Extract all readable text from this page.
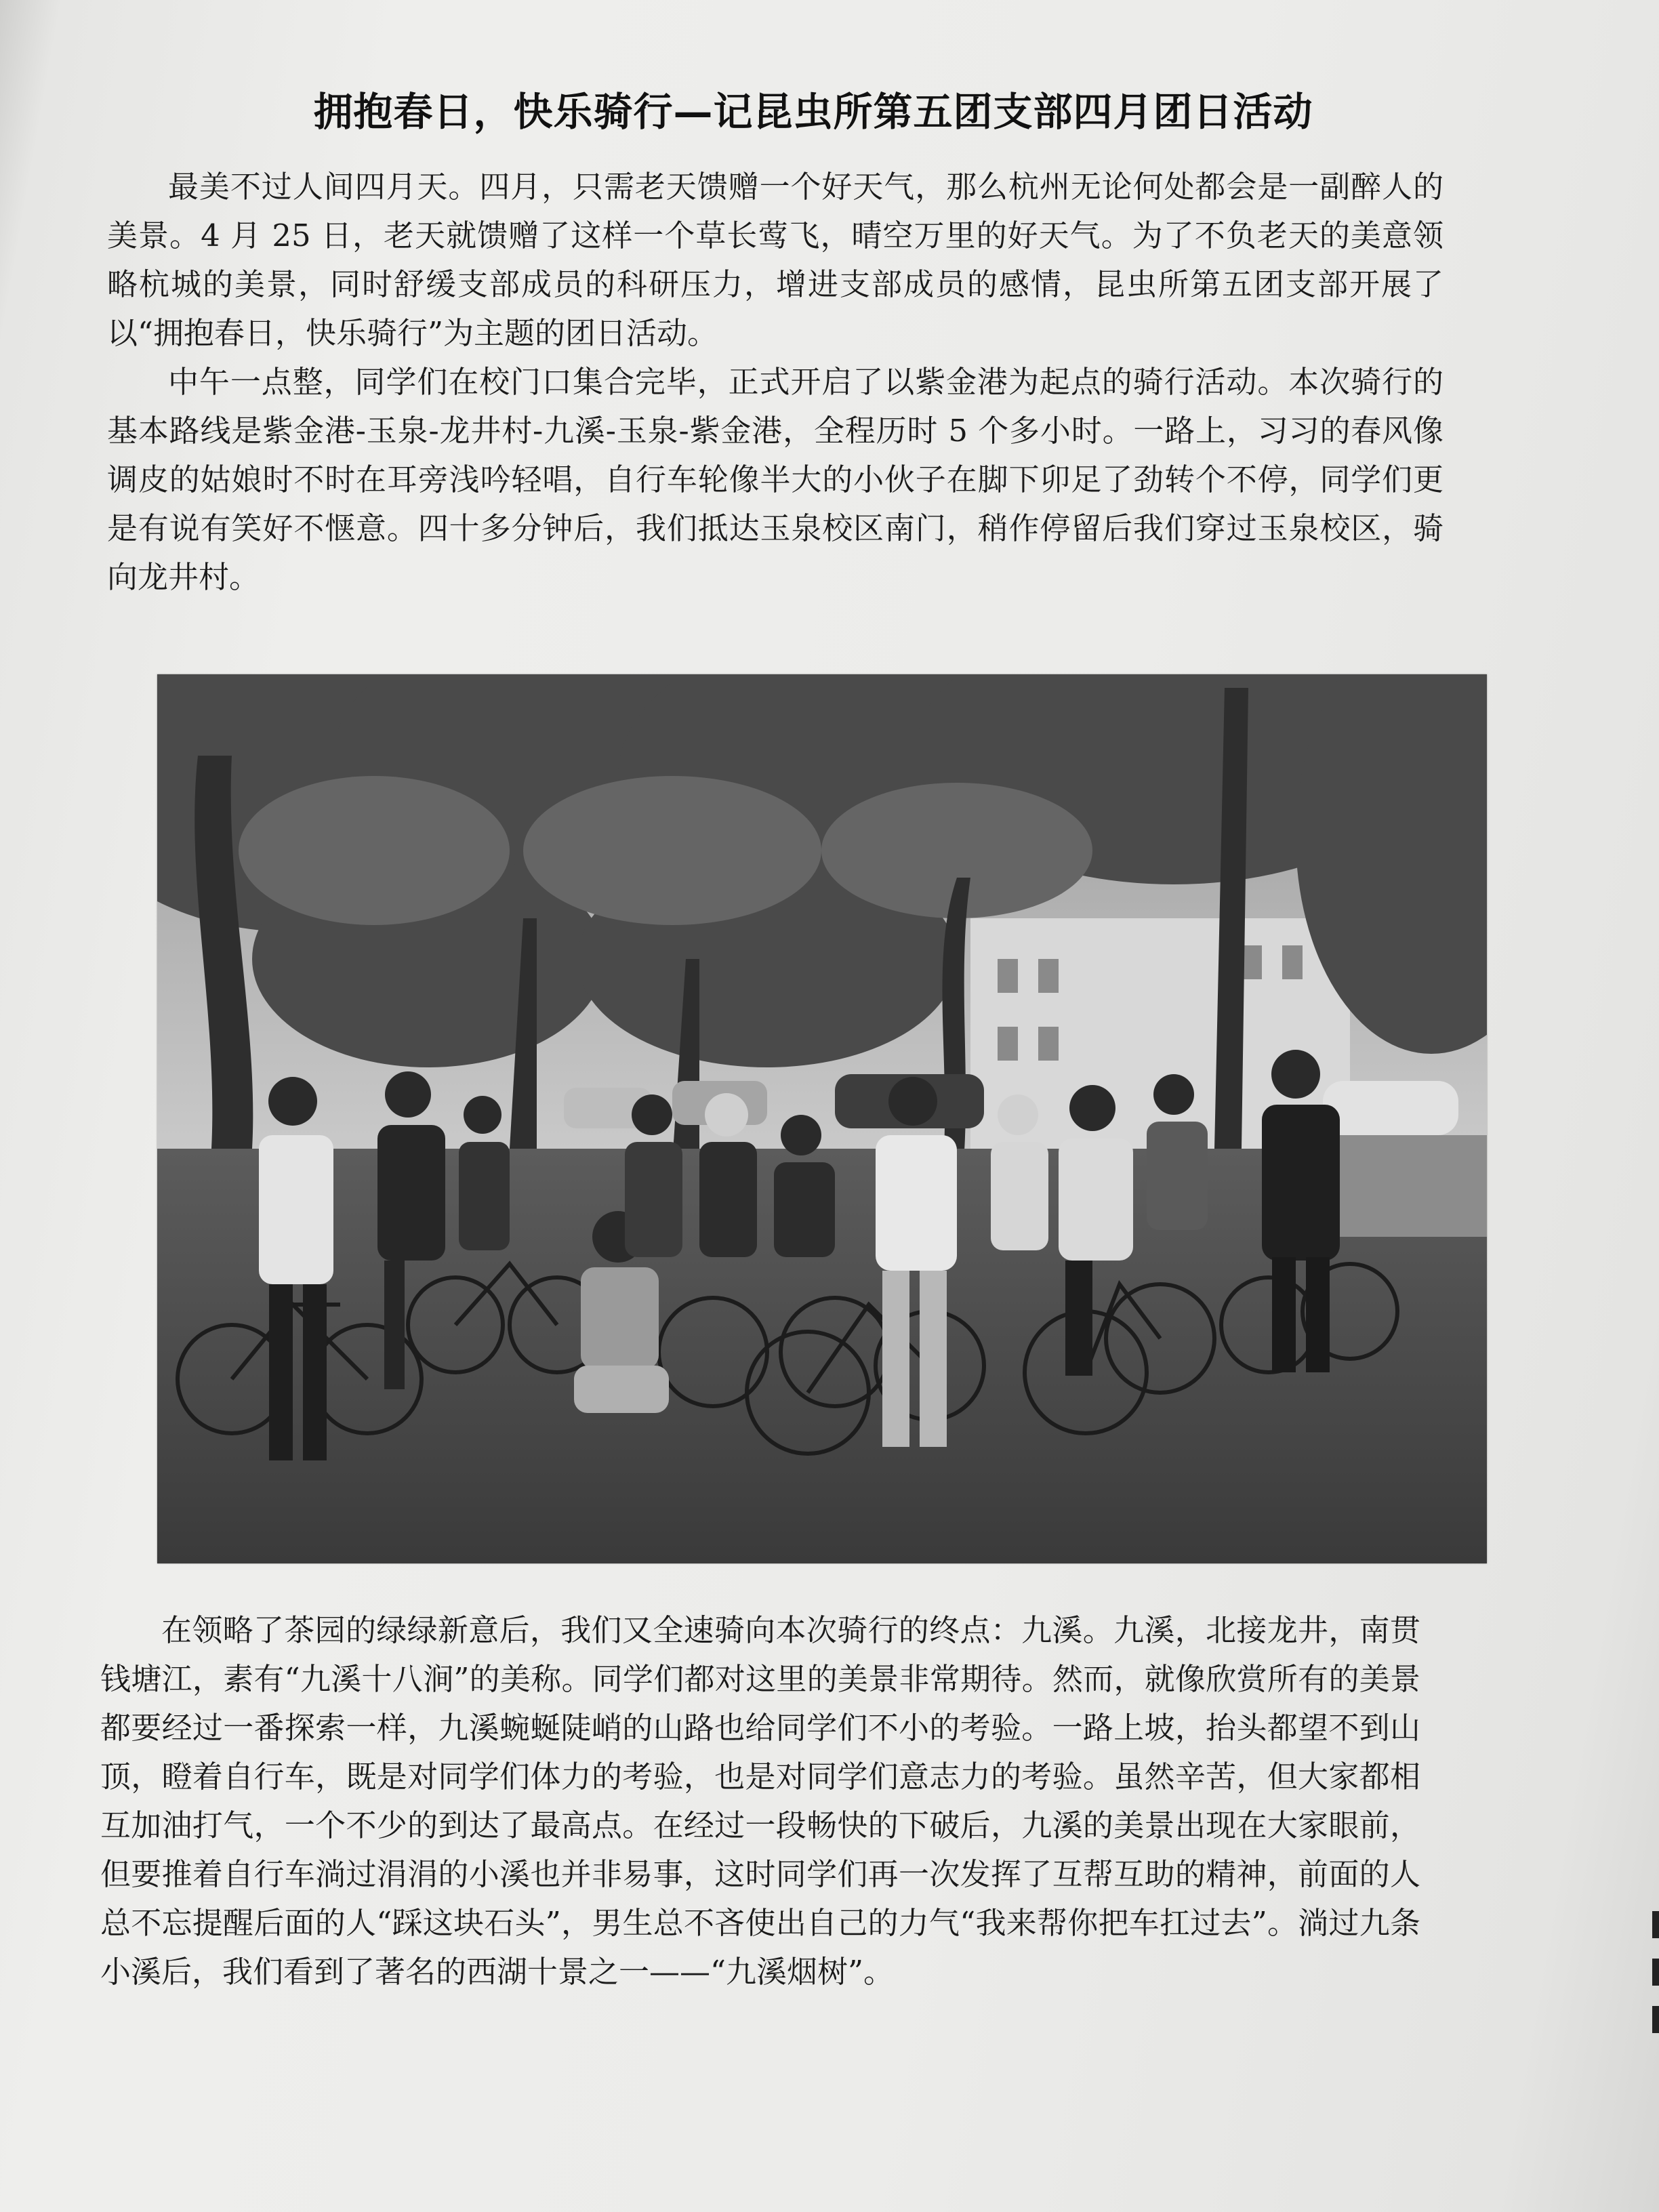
拥抱春日，快乐骑行—记昆虫所第五团支部四月团日活动

最美不过人间四月天。四月，只需老天馈赠一个好天气，那么杭州无论何处都会是一副醉人的美景。4 月 25 日，老天就馈赠了这样一个草长莺飞，晴空万里的好天气。为了不负老天的美意领略杭城的美景，同时舒缓支部成员的科研压力，增进支部成员的感情，昆虫所第五团支部开展了以“拥抱春日，快乐骑行”为主题的团日活动。

中午一点整，同学们在校门口集合完毕，正式开启了以紫金港为起点的骑行活动。本次骑行的基本路线是紫金港-玉泉-龙井村-九溪-玉泉-紫金港，全程历时 5 个多小时。一路上，习习的春风像调皮的姑娘时不时在耳旁浅吟轻唱，自行车轮像半大的小伙子在脚下卯足了劲转个不停，同学们更是有说有笑好不惬意。四十多分钟后，我们抵达玉泉校区南门，稍作停留后我们穿过玉泉校区，骑向龙井村。

在领略了茶园的绿绿新意后，我们又全速骑向本次骑行的终点：九溪。九溪，北接龙井，南贯钱塘江，素有“九溪十八涧”的美称。同学们都对这里的美景非常期待。然而，就像欣赏所有的美景都要经过一番探索一样，九溪蜿蜒陡峭的山路也给同学们不小的考验。一路上坡，抬头都望不到山顶，瞪着自行车，既是对同学们体力的考验，也是对同学们意志力的考验。虽然辛苦，但大家都相互加油打气，一个不少的到达了最高点。在经过一段畅快的下破后，九溪的美景出现在大家眼前，但要推着自行车淌过涓涓的小溪也并非易事，这时同学们再一次发挥了互帮互助的精神，前面的人总不忘提醒后面的人“踩这块石头”，男生总不吝使出自己的力气“我来帮你把车扛过去”。淌过九条小溪后，我们看到了著名的西湖十景之一——“九溪烟树”。
